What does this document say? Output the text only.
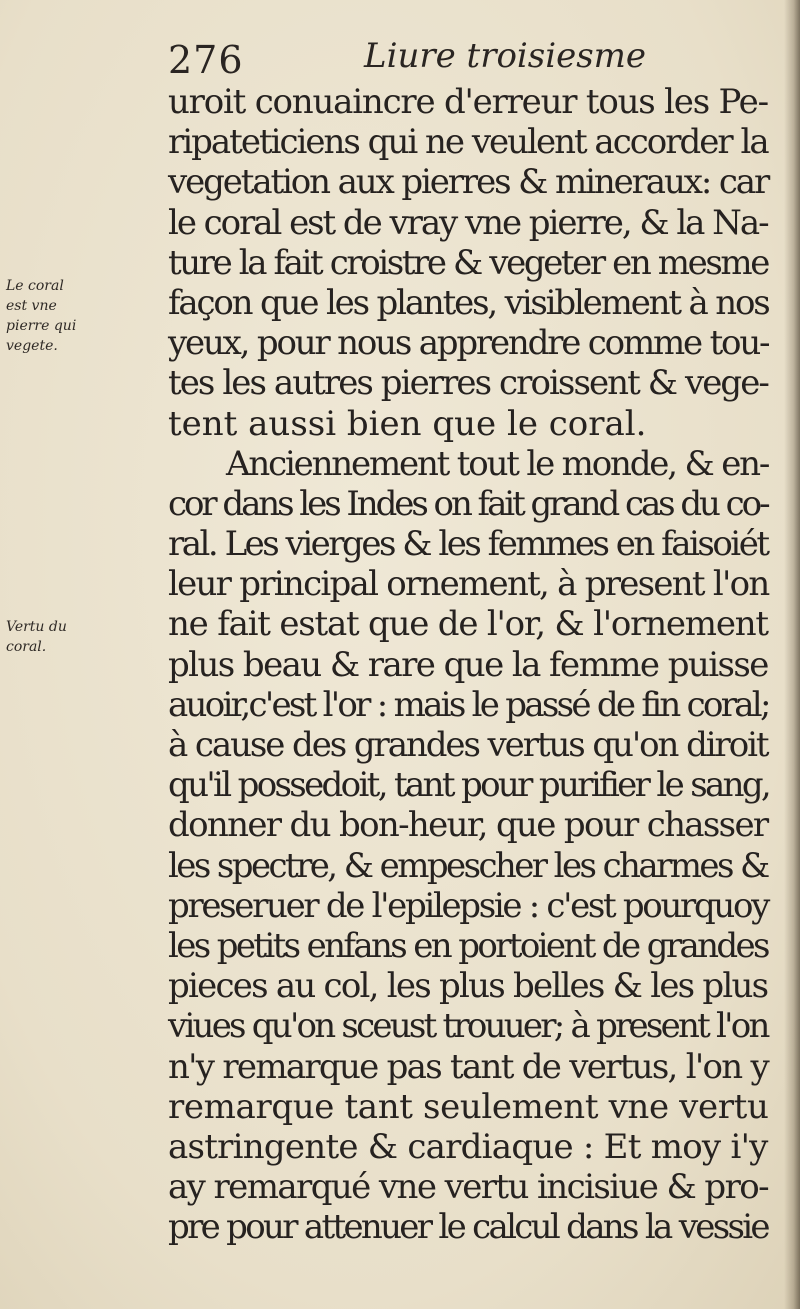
276	Liure troisiesme
Le coral
est vne
pierre qui
vegete.
Vertu du
coral.
uroit conuaincre d'erreur tous les Pe-
ripateticiens qui ne veulent accorder la
vegetation aux pierres & mineraux: car
le coral est de vray vne pierre, & la Na-
ture la fait croistre & vegeter en mesme
façon que les plantes, visiblement à nos
yeux, pour nous apprendre comme tou-
tes les autres pierres croissent & vege-
tent aussi bien que le coral.
Anciennement tout le monde, & en-
cor dans les Indes on fait grand cas du co-
ral. Les vierges & les femmes en faisoiét
leur principal ornement, à present l'on
ne fait estat que de l'or, & l'ornement
plus beau & rare que la femme puisse
auoir,c'est l'or : mais le passé de fin coral;
à cause des grandes vertus qu'on diroit
qu'il possedoit, tant pour purifier le sang,
donner du bon-heur, que pour chasser
les spectre, & empescher les charmes &
preseruer de l'epilepsie : c'est pourquoy
les petits enfans en portoient de grandes
pieces au col, les plus belles & les plus
viues qu'on sceust trouuer; à present l'on
n'y remarque pas tant de vertus, l'on y
remarque tant seulement vne vertu
astringente & cardiaque : Et moy i'y
ay remarqué vne vertu incisiue & pro-
pre pour attenuer le calcul dans la vessie
